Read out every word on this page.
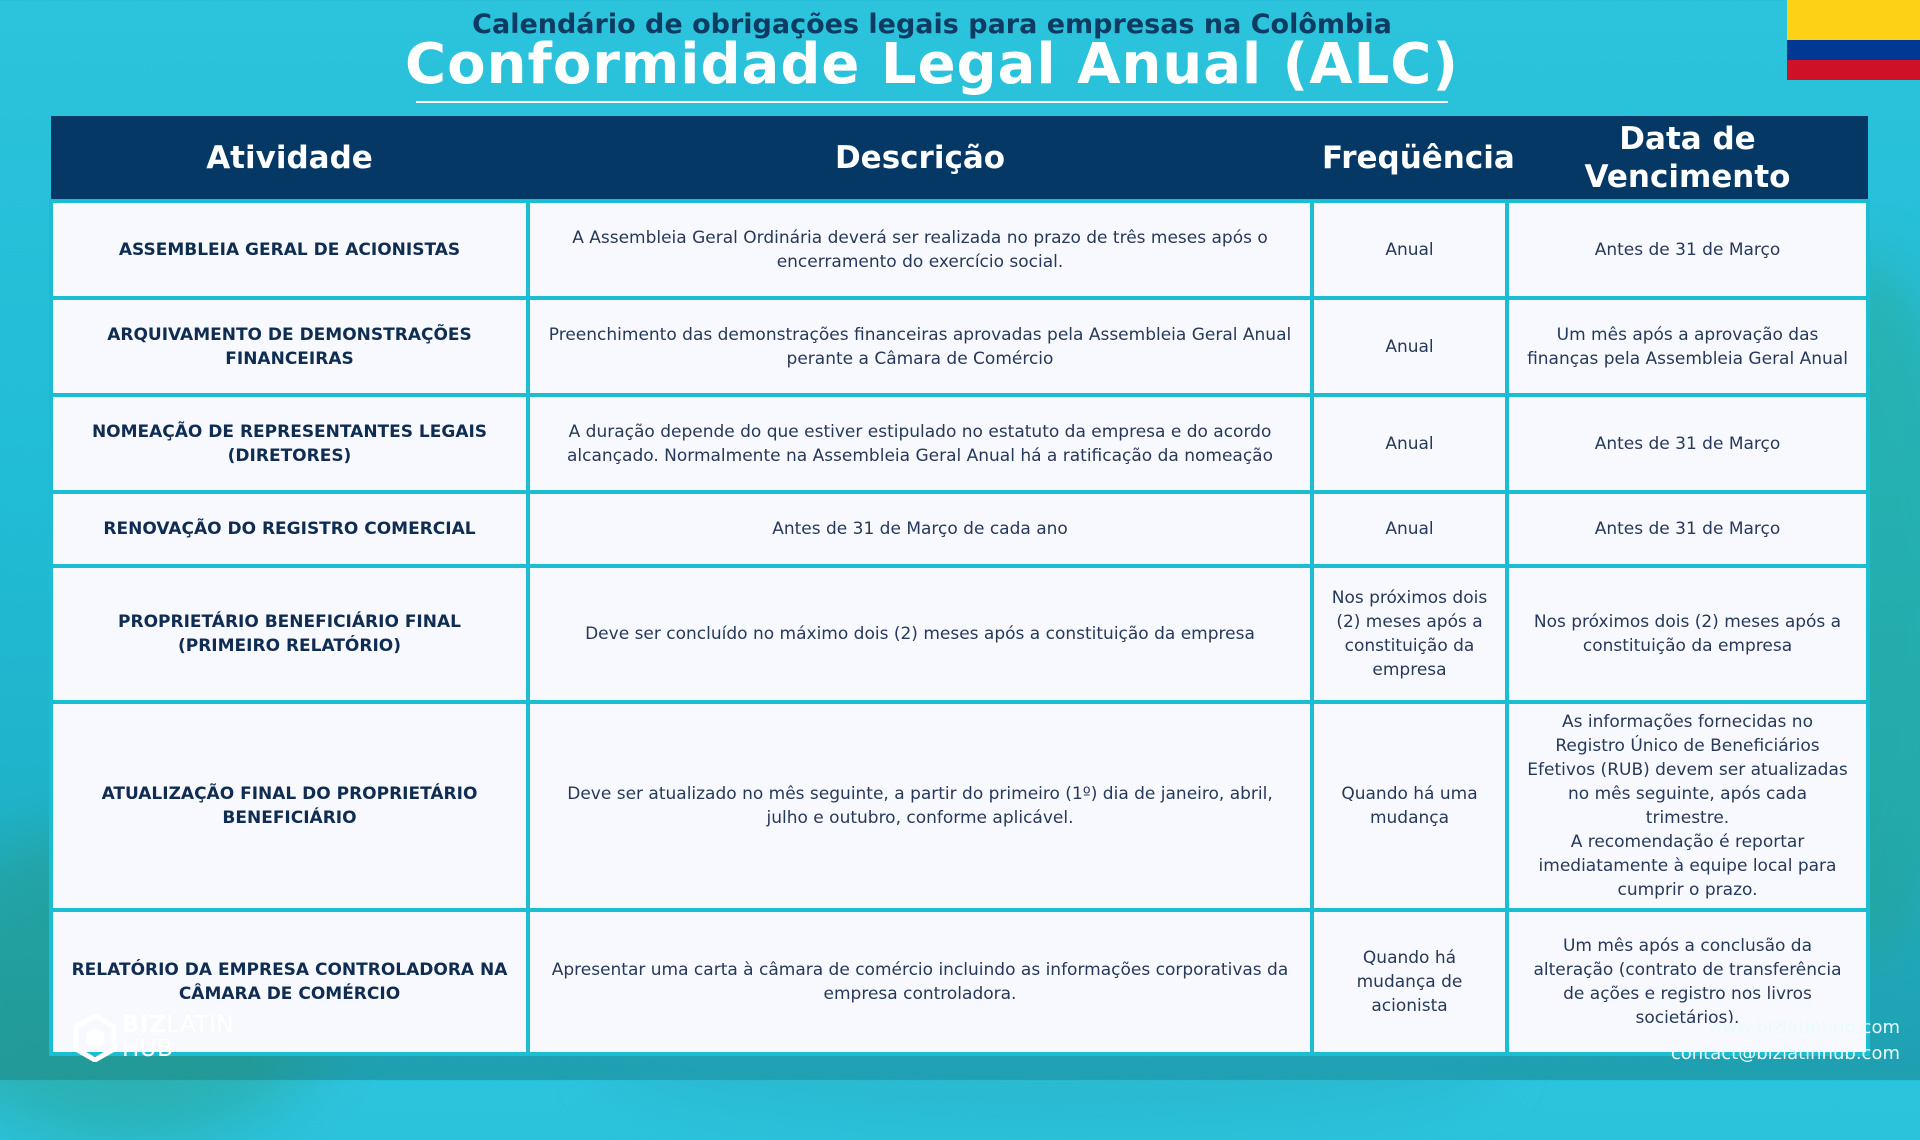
Calendário de obrigações legais para empresas na Colômbia
Conformidade Legal Anual (ALC)
Atividade	Descrição	Freqüência	Data de
Vencimento
ASSEMBLEIA GERAL DE ACIONISTAS	A Assembleia Geral Ordinária deverá ser realizada no prazo de três meses após o encerramento do exercício social.	Anual	Antes de 31 de Março
ARQUIVAMENTO DE DEMONSTRAÇÕES FINANCEIRAS	Preenchimento das demonstrações financeiras aprovadas pela Assembleia Geral Anual perante a Câmara de Comércio	Anual	Um mês após a aprovação das finanças pela Assembleia Geral Anual
NOMEAÇÃO DE REPRESENTANTES LEGAIS (DIRETORES)	A duração depende do que estiver estipulado no estatuto da empresa e do acordo alcançado. Normalmente na Assembleia Geral Anual há a ratificação da nomeação	Anual	Antes de 31 de Março
RENOVAÇÃO DO REGISTRO COMERCIAL	Antes de 31 de Março de cada ano	Anual	Antes de 31 de Março
PROPRIETÁRIO BENEFICIÁRIO FINAL (PRIMEIRO RELATÓRIO)	Deve ser concluído no máximo dois (2) meses após a constituição da empresa	Nos próximos dois (2) meses após a constituição da empresa	Nos próximos dois (2) meses após a constituição da empresa
ATUALIZAÇÃO FINAL DO PROPRIETÁRIO BENEFICIÁRIO	Deve ser atualizado no mês seguinte, a partir do primeiro (1º) dia de janeiro, abril, julho e outubro, conforme aplicável.	Quando há uma mudança	As informações fornecidas no Registro Único de Beneficiários Efetivos (RUB) devem ser atualizadas no mês seguinte, após cada trimestre.
A recomendação é reportar imediatamente à equipe local para cumprir o prazo.

RELATÓRIO DA EMPRESA CONTROLADORA NA CÂMARA DE COMÉRCIO	Apresentar uma carta à câmara de comércio incluindo as informações corporativas da empresa controladora.	Quando há mudança de acionista	Um mês após a conclusão da alteração (contrato de transferência de ações e registro nos livros societários).
BIZLATIN
HUB
www.bizlatinhub.com
contact@bizlatinhub.com
